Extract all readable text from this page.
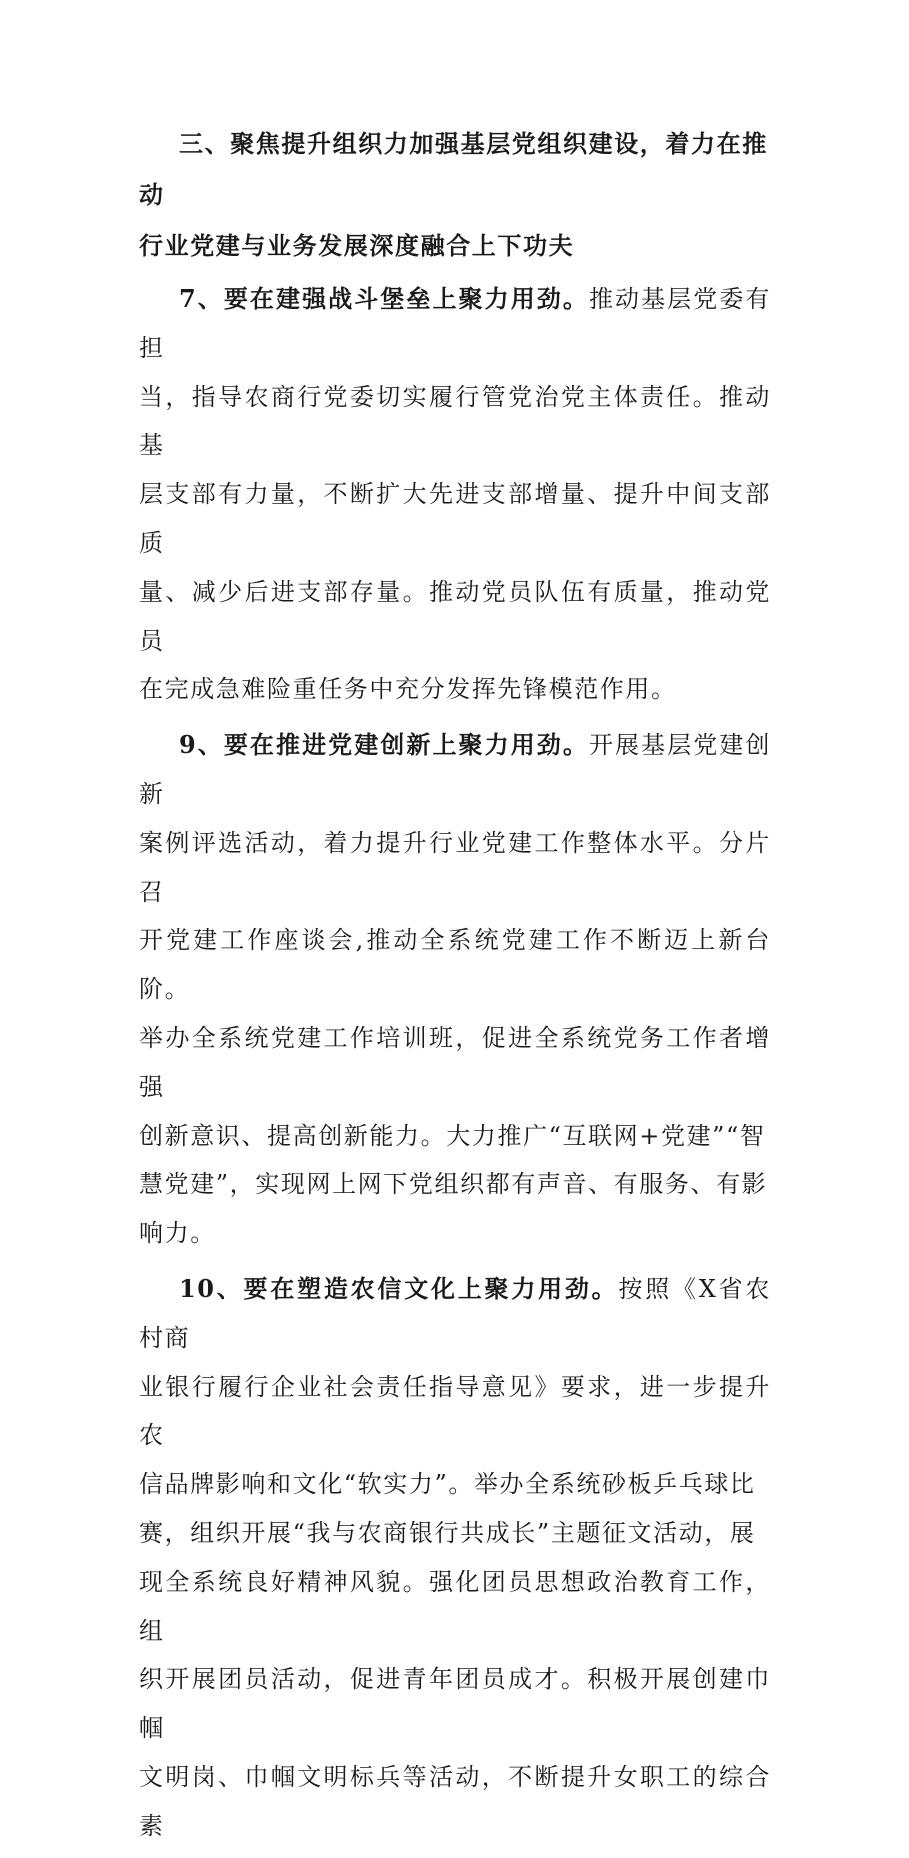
三、聚焦提升组织力加强基层党组织建设，着力在推动
行业党建与业务发展深度融合上下功夫

7、要在建强战斗堡垒上聚力用劲。推动基层党委有担
当，指导农商行党委切实履行管党治党主体责任。推动基
层支部有力量，不断扩大先进支部增量、提升中间支部质
量、减少后进支部存量。推动党员队伍有质量，推动党员
在完成急难险重任务中充分发挥先锋模范作用。

9、要在推进党建创新上聚力用劲。开展基层党建创新
案例评选活动，着力提升行业党建工作整体水平。分片召
开党建工作座谈会,推动全系统党建工作不断迈上新台阶。
举办全系统党建工作培训班，促进全系统党务工作者增强
创新意识、提高创新能力。大力推广“互联网+党建”“智
慧党建”，实现网上网下党组织都有声音、有服务、有影
响力。

10、要在塑造农信文化上聚力用劲。按照《X省农村商
业银行履行企业社会责任指导意见》要求，进一步提升农
信品牌影响和文化“软实力”。举办全系统砂板乒乓球比
赛，组织开展“我与农商银行共成长”主题征文活动，展
现全系统良好精神风貌。强化团员思想政治教育工作，组
织开展团员活动，促进青年团员成才。积极开展创建巾帼
文明岗、巾帼文明标兵等活动，不断提升女职工的综合素
